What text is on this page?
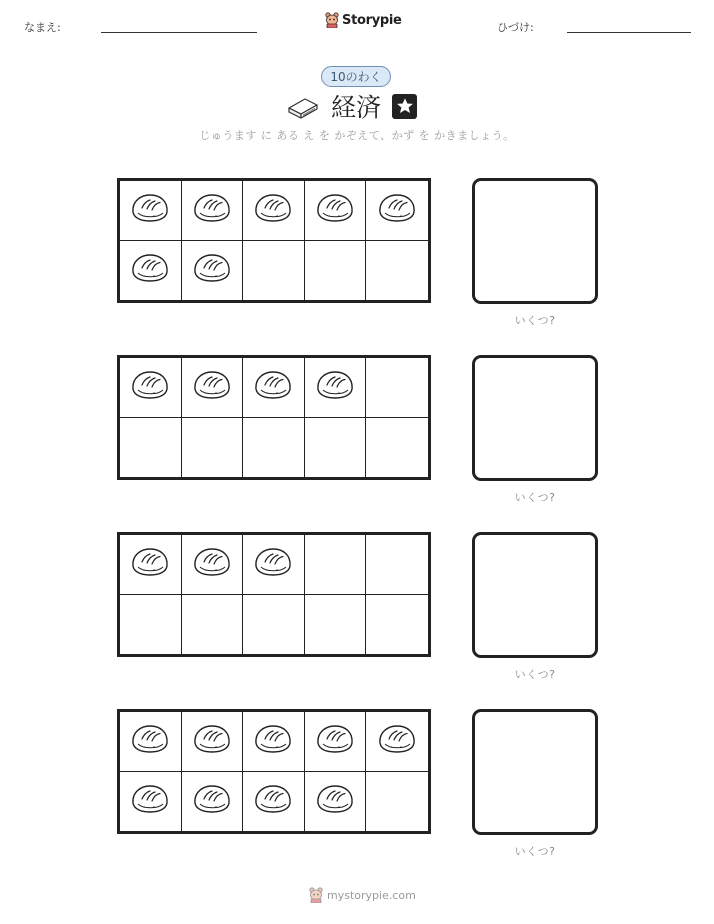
なまえ:	Storypie	ひづけ:
10のわく
経済
じゅうます に ある え を かぞえて、かず を かきましょう。
いくつ?
いくつ?
いくつ?
いくつ?
mystorypie.com
